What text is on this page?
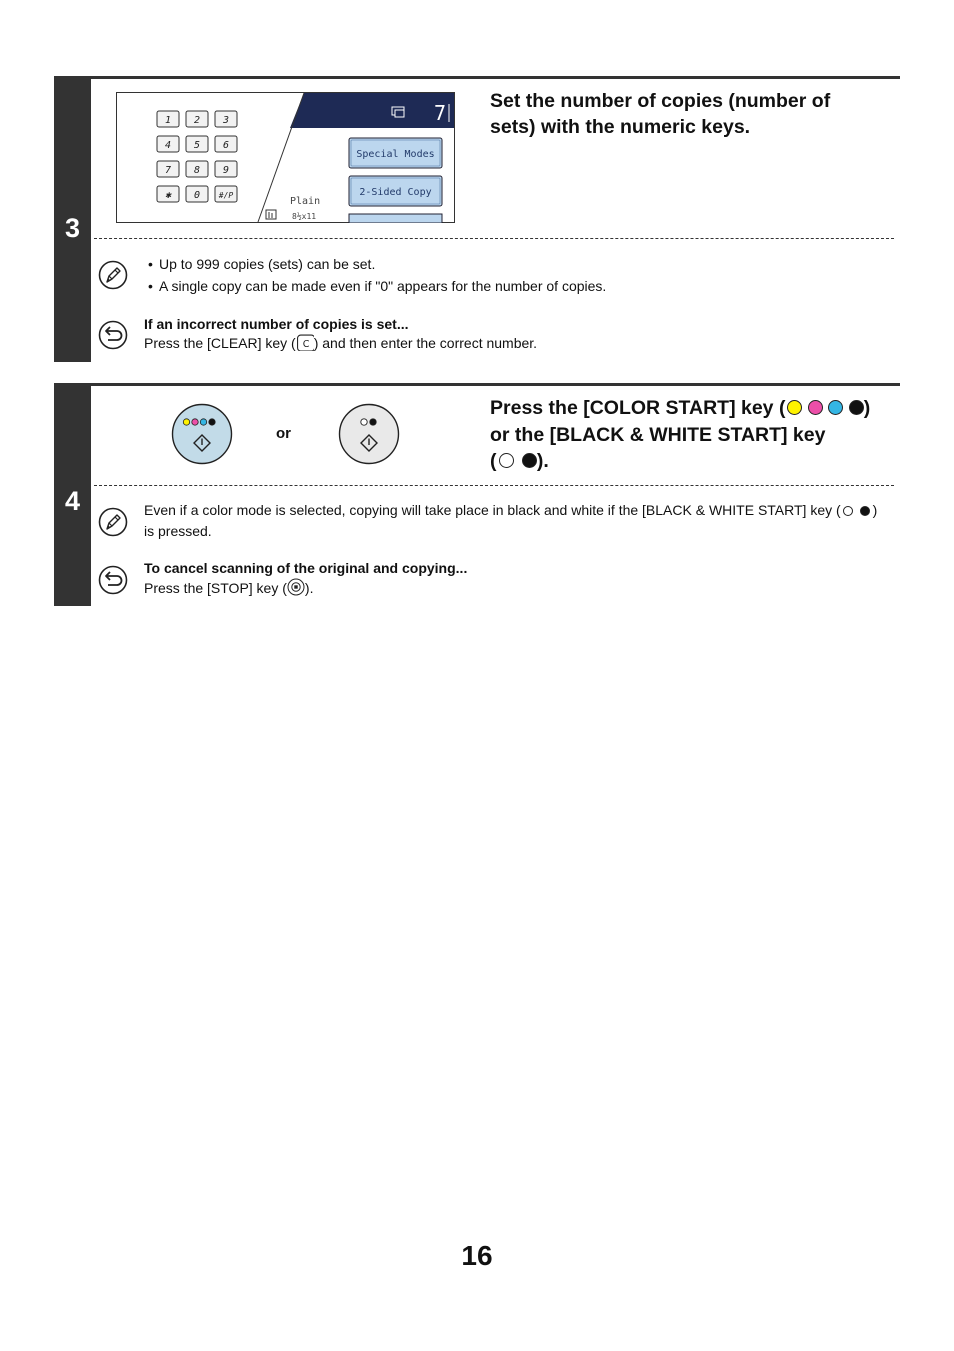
3
1 2 3
4 5 6
7 8 9
✱ 0 #/P
7
Special Modes
2-Sided Copy
Plain
8½x11
Set the number of copies (number of
sets) with the numeric keys.
• Up to 999 copies (sets) can be set.
• A single copy can be made even if "0" appears for the number of copies.
If an incorrect number of copies is set...
Press the [CLEAR] key ( C ) and then enter the correct number.
4
or
Press the [COLOR START] key (	)
or the [BLACK & WHITE START] key
( ).
Even if a color mode is selected, copying will take place in black and white if the [BLACK & WHITE START] key ( )
is pressed.
To cancel scanning of the original and copying...
Press the [STOP] key ( ).
16
